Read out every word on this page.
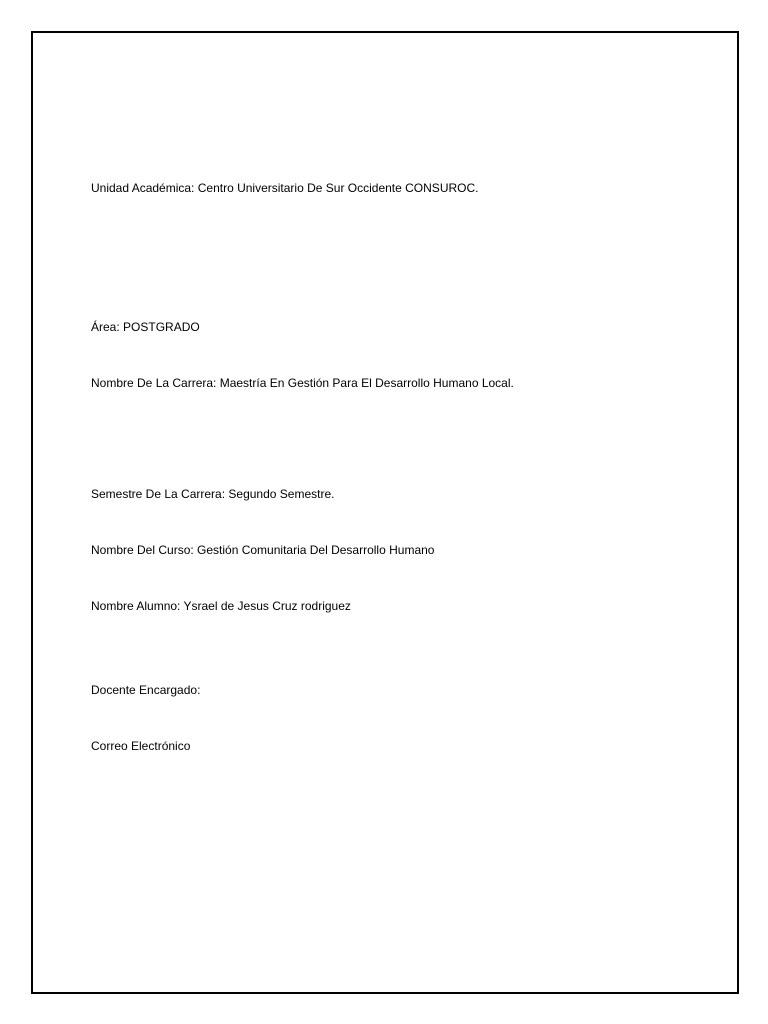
Unidad Académica: Centro Universitario De Sur Occidente CONSUROC.
Área: POSTGRADO
Nombre De La Carrera: Maestría En Gestión Para El Desarrollo Humano Local.
Semestre De La Carrera: Segundo Semestre.
Nombre Del Curso: Gestión Comunitaria Del Desarrollo Humano
Nombre Alumno: Ysrael de Jesus Cruz rodriguez
Docente Encargado:
Correo Electrónico
